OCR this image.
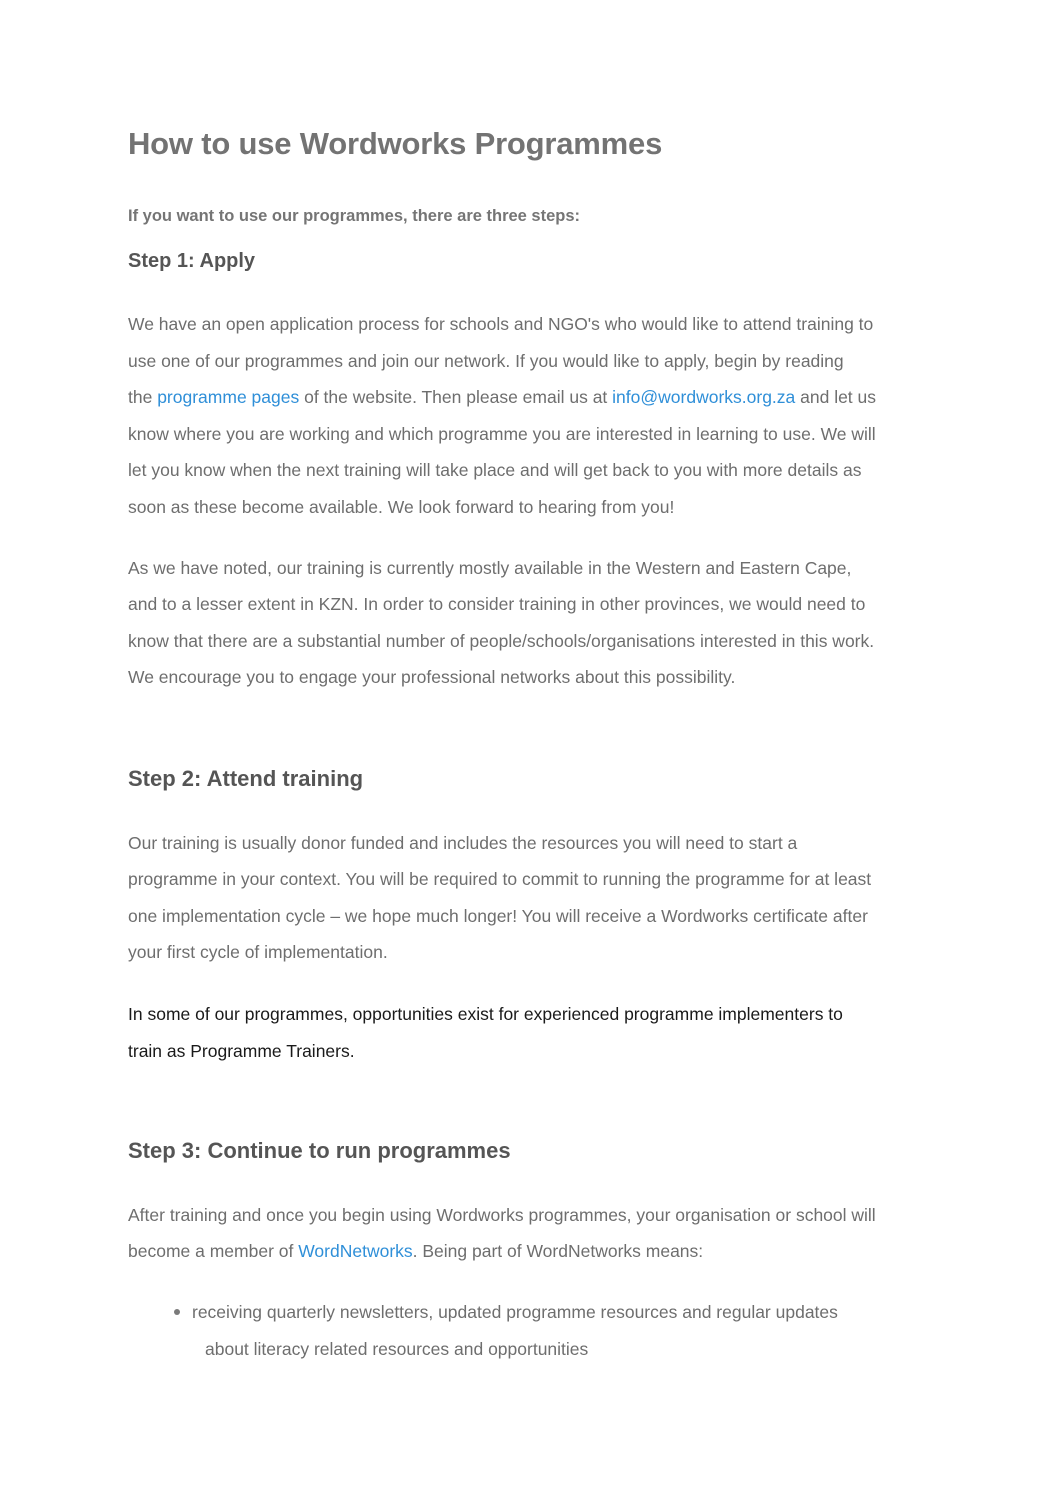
How to use Wordworks Programmes

If you want to use our programmes, there are three steps:

Step 1: Apply

We have an open application process for schools and NGO's who would like to attend training to

use one of our programmes and join our network. If you would like to apply, begin by reading

the programme pages of the website. Then please email us at info@wordworks.org.za and let us

know where you are working and which programme you are interested in learning to use. We will

let you know when the next training will take place and will get back to you with more details as

soon as these become available. We look forward to hearing from you!

As we have noted, our training is currently mostly available in the Western and Eastern Cape,

and to a lesser extent in KZN. In order to consider training in other provinces, we would need to

know that there are a substantial number of people/schools/organisations interested in this work.

We encourage you to engage your professional networks about this possibility.

Step 2: Attend training

Our training is usually donor funded and includes the resources you will need to start a

programme in your context. You will be required to commit to running the programme for at least

one implementation cycle – we hope much longer! You will receive a Wordworks certificate after

your first cycle of implementation.

In some of our programmes, opportunities exist for experienced programme implementers to

train as Programme Trainers.

Step 3: Continue to run programmes

After training and once you begin using Wordworks programmes, your organisation or school will

become a member of WordNetworks. Being part of WordNetworks means:

receiving quarterly newsletters, updated programme resources and regular updates

about literacy related resources and opportunities
